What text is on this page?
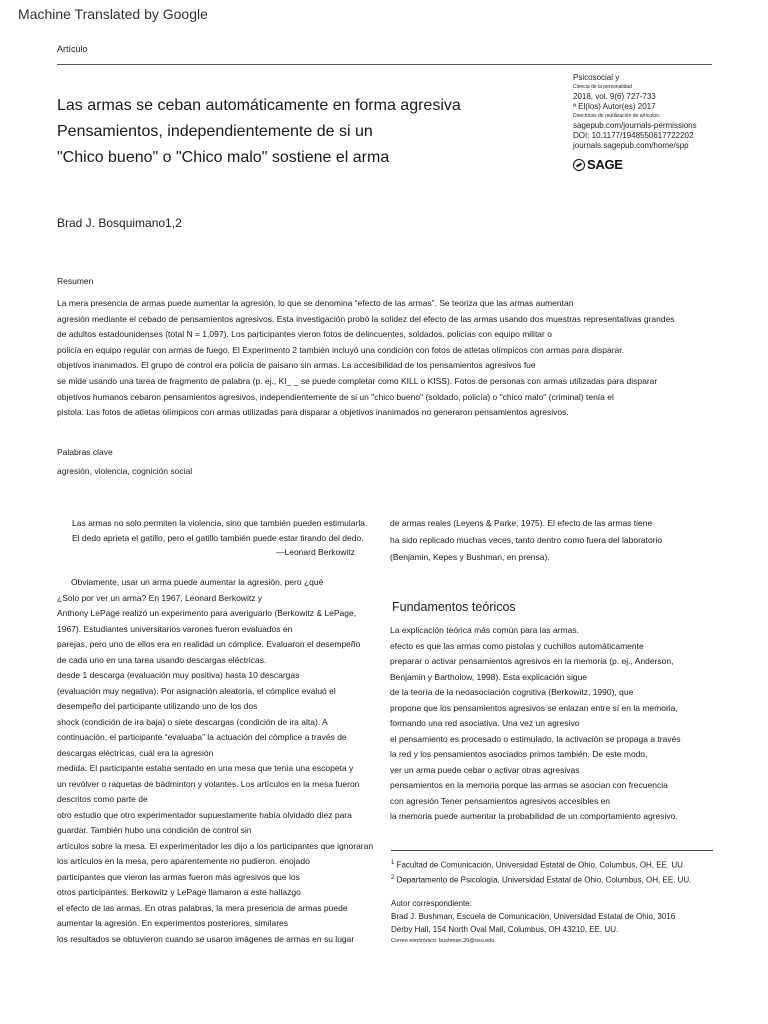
Machine Translated by Google
Artículo
Psicosocial y
Ciencia de la personalidad
2018, vol. 9(6) 727-733
ª El(los) Autor(es) 2017
Directrices de reutilización de artículos:
sagepub.com/journals-permissions
DOI: 10.1177/1948550617722202
journals.sagepub.com/home/spp
SAGE
Las armas se ceban automáticamente en forma agresiva
Pensamientos, independientemente de si un
"Chico bueno" o "Chico malo" sostiene el arma
Brad J. Bosquimano1,2
Resumen
La mera presencia de armas puede aumentar la agresión, lo que se denomina “efecto de las armas”. Se teoriza que las armas aumentan
agresión mediante el cebado de pensamientos agresivos. Esta investigación probó la solidez del efecto de las armas usando dos muestras representativas grandes
de adultos estadounidenses (total N = 1,097). Los participantes vieron fotos de delincuentes, soldados, policías con equipo militar o
policía en equipo regular con armas de fuego. El Experimento 2 también incluyó una condición con fotos de atletas olímpicos con armas para disparar.
objetivos inanimados. El grupo de control era policía de paisano sin armas. La accesibilidad de los pensamientos agresivos fue
se mide usando una tarea de fragmento de palabra (p. ej., KI_ _ se puede completar como KILL o KISS). Fotos de personas con armas utilizadas para disparar
objetivos humanos cebaron pensamientos agresivos, independientemente de si un "chico bueno" (soldado, policía) o "chico malo" (criminal) tenía el
pistola. Las fotos de atletas olímpicos con armas utilizadas para disparar a objetivos inanimados no generaron pensamientos agresivos.
Palabras clave
agresión, violencia, cognición social
Las armas no solo permiten la violencia, sino que también pueden estimularla.
El dedo aprieta el gatillo, pero el gatillo también puede estar tirando del dedo.
—Leonard Berkowitz
Obviamente, usar un arma puede aumentar la agresión, pero ¿qué
¿Solo por ver un arma? En 1967, Leonard Berkowitz y
Anthony LePage realizó un experimento para averiguarlo (Berkowitz & LePage,
1967). Estudiantes universitarios varones fueron evaluados en
parejas, pero uno de ellos era en realidad un cómplice. Evaluaron el desempeño
de cada uno en una tarea usando descargas eléctricas.
desde 1 descarga (evaluación muy positiva) hasta 10 descargas
(evaluación muy negativa). Por asignación aleatoria, el cómplice evaluó el
desempeño del participante utilizando uno de los dos
shock (condición de ira baja) o siete descargas (condición de ira alta). A
continuación, el participante “evaluaba” la actuación del cómplice a través de
descargas eléctricas, cuál era la agresión
medida. El participante estaba sentado en una mesa que tenía una escopeta y
un revólver o raquetas de bádminton y volantes. Los artículos en la mesa fueron
descritos como parte de
otro estudio que otro experimentador supuestamente había olvidado diez para
guardar. También hubo una condición de control sin
artículos sobre la mesa. El experimentador les dijo a los participantes que ignoraran
los artículos en la mesa, pero aparentemente no pudieron. enojado
participantes que vieron las armas fueron más agresivos que los
otros participantes. Berkowitz y LePage llamaron a este hallazgo
el efecto de las armas. En otras palabras, la mera presencia de armas puede
aumentar la agresión. En experimentos posteriores, similares
los resultados se obtuvieron cuando se usaron imágenes de armas en su lugar
de armas reales (Leyens & Parke, 1975). El efecto de las armas tiene
ha sido replicado muchas veces, tanto dentro como fuera del laboratorio
(Benjamin, Kepes y Bushman, en prensa).
Fundamentos teóricos
La explicación teórica más común para las armas.
efecto es que las armas como pistolas y cuchillos automáticamente
preparar o activar pensamientos agresivos en la memoria (p. ej., Anderson,
Benjamin y Bartholow, 1998). Esta explicación sigue
de la teoría de la neoasociación cognitiva (Berkowitz, 1990), que
propone que los pensamientos agresivos se enlazan entre sí en la memoria,
formando una red asociativa. Una vez un agresivo
el pensamiento es procesado o estimulado, la activación se propaga a través
la red y los pensamientos asociados primos también. De este modo,
ver un arma puede cebar o activar otras agresivas
pensamientos en la memoria porque las armas se asocian con frecuencia
con agresión Tener pensamientos agresivos accesibles en
la memoria puede aumentar la probabilidad de un comportamiento agresivo.
$^1$ Facultad de Comunicación, Universidad Estatal de Ohio, Columbus, OH, EE. UU.
$^2$ Departamento de Psicología, Universidad Estatal de Ohio, Columbus, OH, EE. UU.
Autor correspondiente:
Brad J. Bushman, Escuela de Comunicación, Universidad Estatal de Ohio, 3016
Derby Hall, 154 North Oval Mall, Columbus, OH 43210, EE. UU.
Correo electrónico: bushman.20@osu.edu
